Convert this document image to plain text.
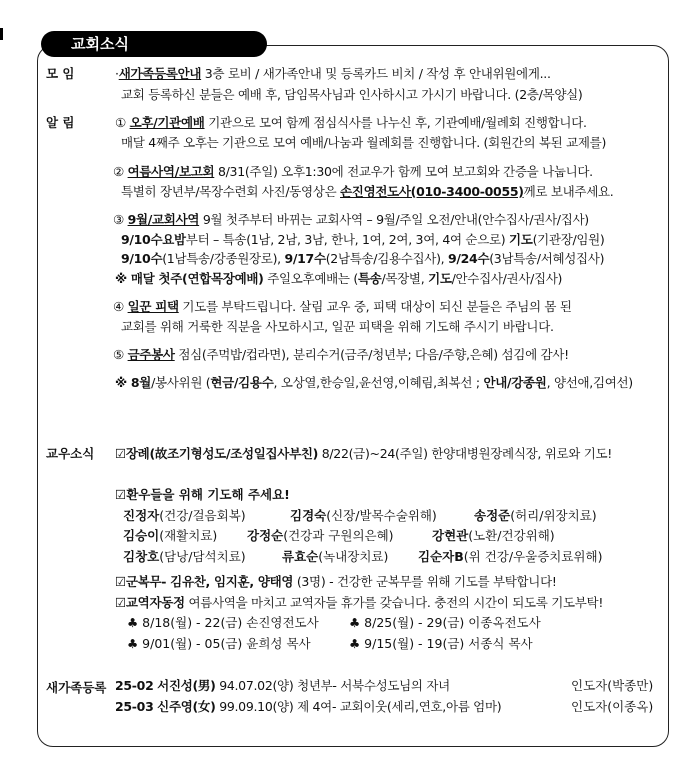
교회소식
모 임	·새가족등록안내 3층 로비 / 새가족안내 및 등록카드 비치 / 작성 후 안내위원에게...
교회 등록하신 분들은 예배 후, 담임목사님과 인사하시고 가시기 바랍니다. (2층/목양실)
알 림	① 오후/기관예배 기관으로 모여 함께 점심식사를 나누신 후, 기관예배/월례회 진행합니다.
매달 4째주 오후는 기관으로 모여 예배/나눔과 월례회를 진행합니다. (회원간의 복된 교제를)
② 여름사역/보고회 8/31(주일) 오후1:30에 전교우가 함께 모여 보고회와 간증을 나눕니다.
특별히 장년부/목장수련회 사진/동영상은 손진영전도사(010-3400-0055)께로 보내주세요.
③ 9월/교회사역 9월 첫주부터 바뀌는 교회사역 – 9월/주일 오전/안내(안수집사/권사/집사)
9/10수요밤부터 – 특송(1남, 2남, 3남, 한나, 1여, 2여, 3여, 4여 순으로) 기도(기관장/임원)
9/10수(1남특송/강종원장로), 9/17수(2남특송/김용수집사), 9/24수(3남특송/서혜성집사)
※ 매달 첫주(연합목장예배) 주일오후예배는 (특송/목장별, 기도/안수집사/권사/집사)
④ 일꾼 피택 기도를 부탁드립니다. 살림 교우 중, 피택 대상이 되신 분들은 주님의 몸 된
교회를 위해 거룩한 직분을 사모하시고, 일꾼 피택을 위해 기도해 주시기 바랍니다.
⑤ 금주봉사 점심(주먹밥/컵라면), 분리수거(금주/청년부; 다음/주향,은혜) 섬김에 감사!
※ 8월/봉사위원 (현금/김용수, 오상열,한승일,윤선영,이혜림,최복선 ; 안내/강종원, 양선애,김여선)
교우소식 ☑장례(故조기형성도/조성일집사부친) 8/22(금)~24(주일) 한양대병원장례식장, 위로와 기도!
☑환우들을 위해 기도해 주세요!
진정자(건강/걸음회복)	김경숙(신장/발목수술위해)	송정준(허리/위장치료)
김승이(재활치료) 강정순(건강과 구원의은혜)	강현관(노환/건강위해)
김창호(담낭/담석치료)	류효순(녹내장치료) 김순자B(위 건강/우울증치료위해)
☑군복무- 김유찬, 임지훈, 양태영 (3명) - 건강한 군복무를 위해 기도를 부탁합니다!
☑교역자동정 여름사역을 마치고 교역자들 휴가를 갖습니다. 충전의 시간이 되도록 기도부탁!
♣ 8/18(월) - 22(금) 손진영전도사 ♣ 8/25(월) - 29(금) 이종옥전도사
♣ 9/01(월) - 05(금) 윤희성 목사	♣ 9/15(월) - 19(금) 서종식 목사
새가족등록 25-02 서진성(男) 94.07.02(양) 청년부- 서북수성도님의 자녀	인도자(박종만)
25-03 신주영(女) 99.09.10(양) 제 4여- 교회이웃(세리,연호,아름 엄마)	인도자(이종옥)
